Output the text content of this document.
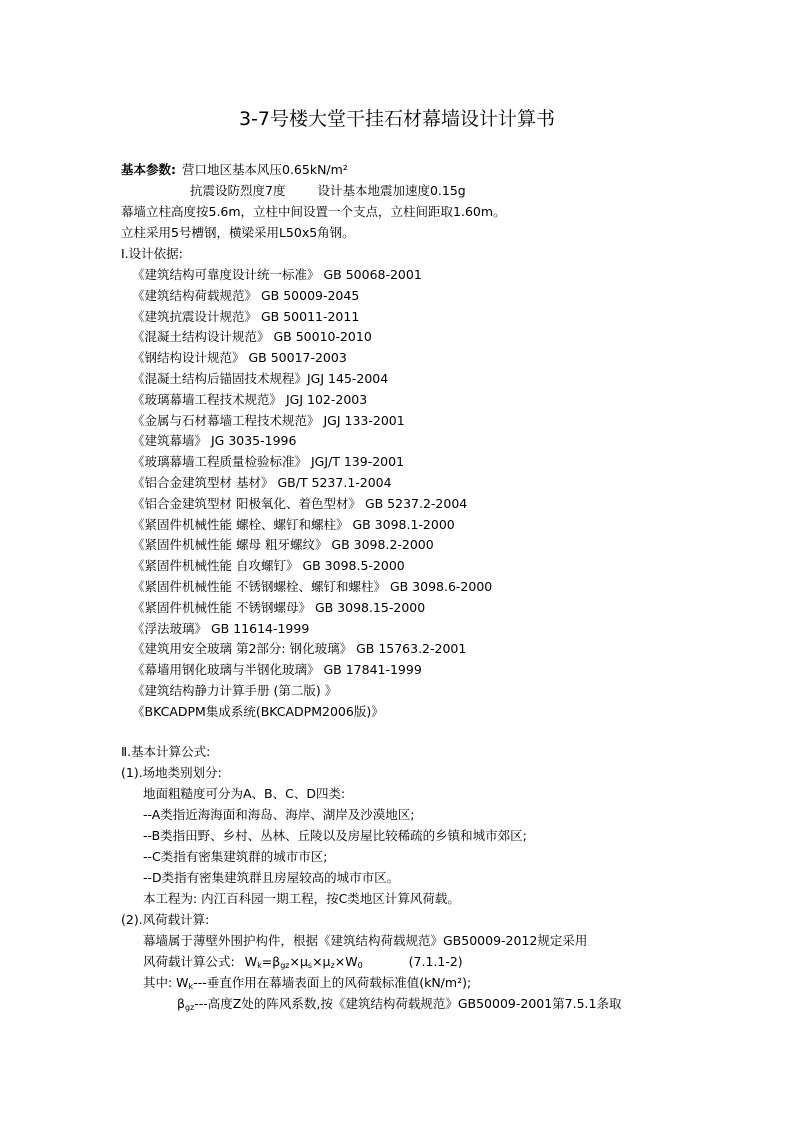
3-7号楼大堂干挂石材幕墙设计计算书
基本参数: 营口地区基本风压0.65kN/m²
抗震设防烈度7度	设计基本地震加速度0.15g
幕墙立柱高度按5.6m，立柱中间设置一个支点，立柱间距取1.60m。
立柱采用5号槽钢，横梁采用L50x5角钢。
Ⅰ.设计依据:
《建筑结构可靠度设计统一标准》 GB 50068-2001
《建筑结构荷载规范》 GB 50009-2045
《建筑抗震设计规范》 GB 50011-2011
《混凝土结构设计规范》 GB 50010-2010
《钢结构设计规范》 GB 50017-2003
《混凝土结构后锚固技术规程》JGJ 145-2004
《玻璃幕墙工程技术规范》 JGJ 102-2003
《金属与石材幕墙工程技术规范》 JGJ 133-2001
《建筑幕墙》 JG 3035-1996
《玻璃幕墙工程质量检验标准》 JGJ/T 139-2001
《铝合金建筑型材 基材》 GB/T 5237.1-2004
《铝合金建筑型材 阳极氧化、着色型材》 GB 5237.2-2004
《紧固件机械性能 螺栓、螺钉和螺柱》 GB 3098.1-2000
《紧固件机械性能 螺母 粗牙螺纹》 GB 3098.2-2000
《紧固件机械性能 自攻螺钉》 GB 3098.5-2000
《紧固件机械性能 不锈钢螺栓、螺钉和螺柱》 GB 3098.6-2000
《紧固件机械性能 不锈钢螺母》 GB 3098.15-2000
《浮法玻璃》 GB 11614-1999
《建筑用安全玻璃 第2部分: 钢化玻璃》 GB 15763.2-2001
《幕墙用钢化玻璃与半钢化玻璃》 GB 17841-1999
《建筑结构静力计算手册 (第二版) 》
《BKCADPM集成系统(BKCADPM2006版)》
Ⅱ.基本计算公式:
(1).场地类别划分:
地面粗糙度可分为A、B、C、D四类:
--A类指近海海面和海岛、海岸、湖岸及沙漠地区;
--B类指田野、乡村、丛林、丘陵以及房屋比较稀疏的乡镇和城市郊区;
--C类指有密集建筑群的城市市区;
--D类指有密集建筑群且房屋较高的城市市区。
本工程为: 内江百科园一期工程，按C类地区计算风荷载。
(2).风荷载计算:
幕墙属于薄壁外围护构件，根据《建筑结构荷载规范》GB50009-2012规定采用
风荷载计算公式: $W_k=\beta_{gz}\times\mu_s\times\mu_z\times W_0$	(7.1.1-2)
其中: $W_k---$垂直作用在幕墙表面上的风荷载标准值(kN/m²);
$\beta_{gz}---$高度Z处的阵风系数,按《建筑结构荷载规范》GB50009-2001第7.5.1条取
